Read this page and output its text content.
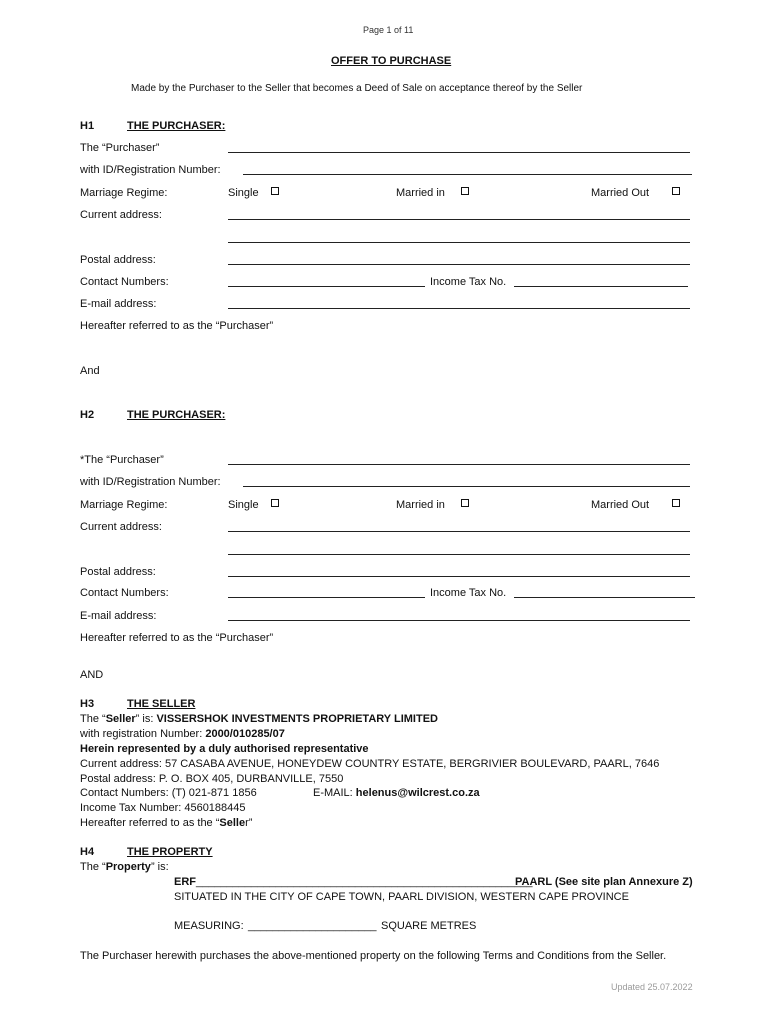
Page 1 of 11
OFFER TO PURCHASE
Made by the Purchaser to the Seller that becomes a Deed of Sale on acceptance thereof by the Seller
H1	THE PURCHASER:
The “Purchaser”
with ID/Registration Number:
Marriage Regime:	Single	Married in	Married Out
Current address:
Postal address:
Contact Numbers:	Income Tax No.
E-mail address:
Hereafter referred to as the “Purchaser”
And
H2	THE PURCHASER:
*The “Purchaser”
with ID/Registration Number:
Marriage Regime:	Single	Married in	Married Out
Current address:
Postal address:
Contact Numbers:	Income Tax No.
E-mail address:
Hereafter referred to as the “Purchaser”
AND
H3	THE SELLER
The “Seller” is: VISSERSHOK INVESTMENTS PROPRIETARY LIMITED
with registration Number: 2000/010285/07
Herein represented by a duly authorised representative
Current address: 57 CASABA AVENUE, HONEYDEW COUNTRY ESTATE, BERGRIVIER BOULEVARD, PAARL, 7646
Postal address: P. O. BOX 405, DURBANVILLE, 7550
Contact Numbers: (T) 021-871 1856	E-MAIL: helenus@wilcrest.co.za
Income Tax Number: 4560188445
Hereafter referred to as the “Seller”
H4	THE PROPERTY
The “Property” is:
ERF _______________________________________________________
PAARL (See site plan Annexure Z)
SITUATED IN THE CITY OF CAPE TOWN, PAARL DIVISION, WESTERN CAPE PROVINCE
MEASURING: _____________________ SQUARE METRES
The Purchaser herewith purchases the above-mentioned property on the following Terms and Conditions from the Seller.
Updated 25.07.2022
